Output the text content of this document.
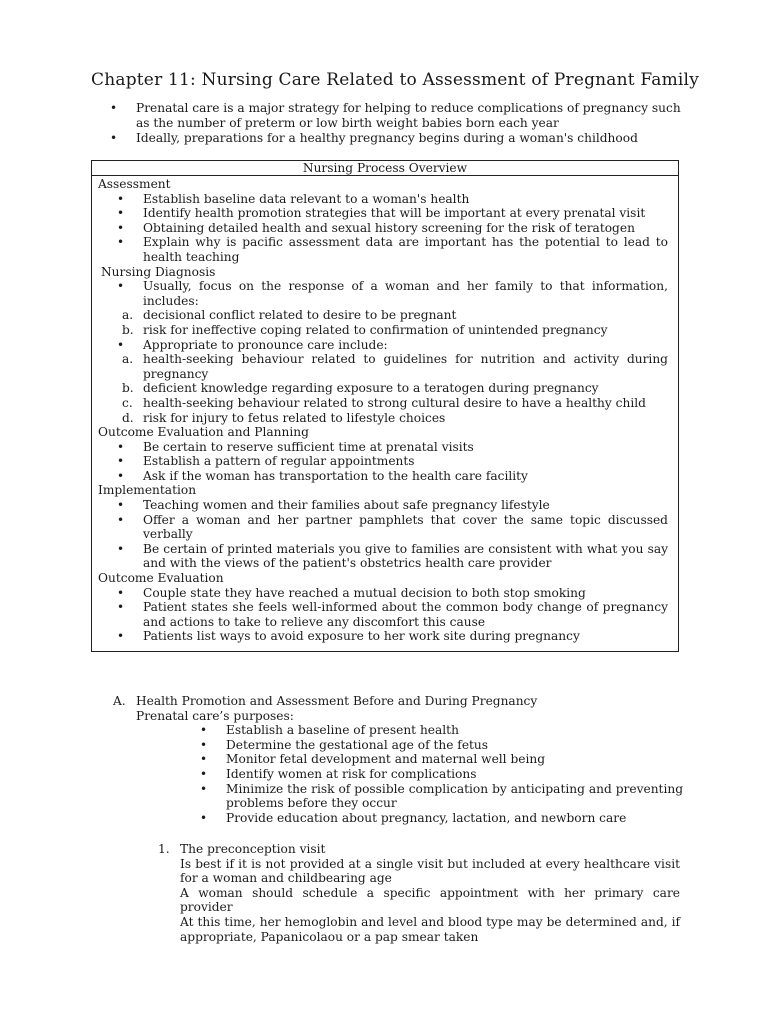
Chapter 11: Nursing Care Related to Assessment of Pregnant Family
• Prenatal care is a major strategy for helping to reduce complications of pregnancy such as the number of preterm or low birth weight babies born each year
• Ideally, preparations for a healthy pregnancy begins during a woman's childhood
Nursing Process Overview
Assessment
• Establish baseline data relevant to a woman's health
• Identify health promotion strategies that will be important at every prenatal visit
• Obtaining detailed health and sexual history screening for the risk of teratogen
• Explain why is pacific assessment data are important has the potential to lead to health teaching
Nursing Diagnosis
• Usually, focus on the response of a woman and her family to that information, includes:
a. decisional conflict related to desire to be pregnant
b. risk for ineffective coping related to confirmation of unintended pregnancy
• Appropriate to pronounce care include:
a. health-seeking behaviour related to guidelines for nutrition and activity during pregnancy
b. deficient knowledge regarding exposure to a teratogen during pregnancy
c. health-seeking behaviour related to strong cultural desire to have a healthy child
d. risk for injury to fetus related to lifestyle choices
Outcome Evaluation and Planning
• Be certain to reserve sufficient time at prenatal visits
• Establish a pattern of regular appointments
• Ask if the woman has transportation to the health care facility
Implementation
• Teaching women and their families about safe pregnancy lifestyle
• Offer a woman and her partner pamphlets that cover the same topic discussed verbally
• Be certain of printed materials you give to families are consistent with what you say and with the views of the patient's obstetrics health care provider
Outcome Evaluation
• Couple state they have reached a mutual decision to both stop smoking
• Patient states she feels well-informed about the common body change of pregnancy and actions to take to relieve any discomfort this cause
• Patients list ways to avoid exposure to her work site during pregnancy
A. Health Promotion and Assessment Before and During Pregnancy
Prenatal care’s purposes:
• Establish a baseline of present health
• Determine the gestational age of the fetus
• Monitor fetal development and maternal well being
• Identify women at risk for complications
• Minimize the risk of possible complication by anticipating and preventing problems before they occur
• Provide education about pregnancy, lactation, and newborn care
1. The preconception visit

Is best if it is not provided at a single visit but included at every healthcare visit for a woman and childbearing age

A woman should schedule a specific appointment with her primary care provider

At this time, her hemoglobin and level and blood type may be determined and, if appropriate, Papanicolaou or a pap smear taken
